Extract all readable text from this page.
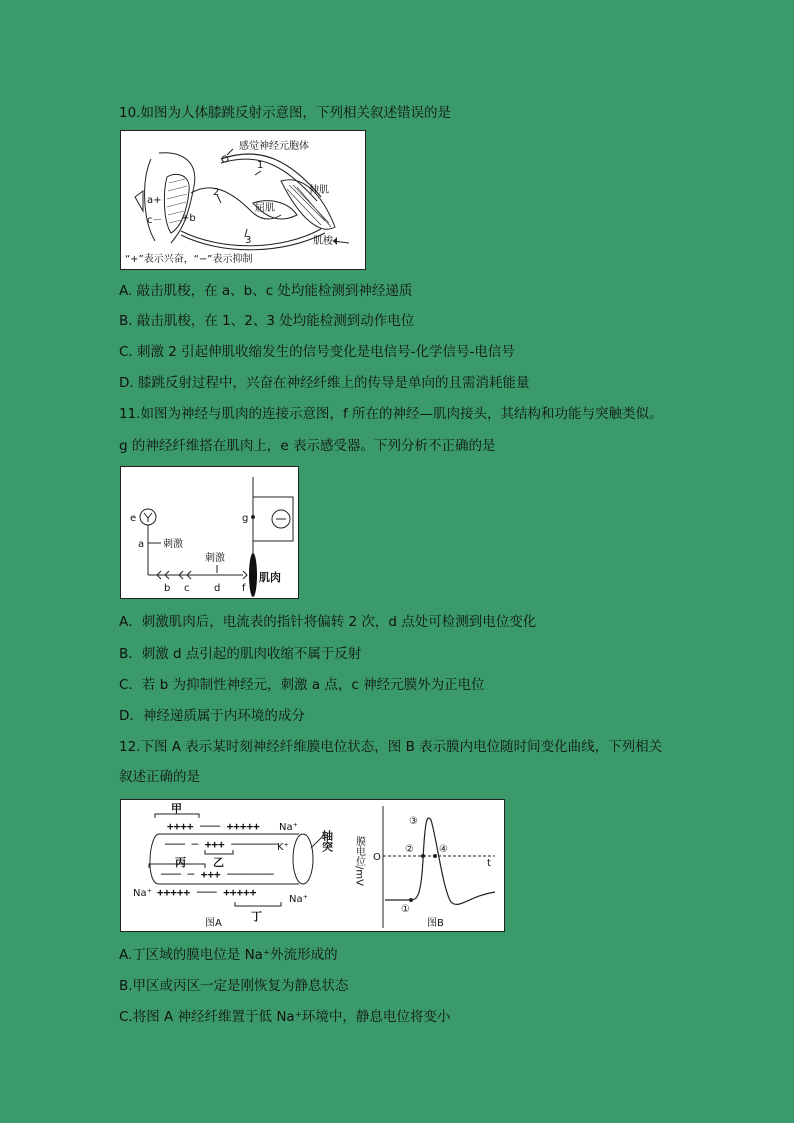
10.如图为人体膝跳反射示意图，下列相关叙述错误的是
感觉神经元胞体
1
2
3
伸肌
屈肌
肌梭
a+
c－ +b
“+”表示兴奋，“−”表示抑制
A. 敲击肌梭，在 a、b、c 处均能检测到神经递质
B. 敲击肌梭，在 1、2、3 处均能检测到动作电位
C. 刺激 2 引起伸肌收缩发生的信号变化是电信号-化学信号-电信号
D. 膝跳反射过程中，兴奋在神经纤维上的传导是单向的且需消耗能量
11.如图为神经与肌肉的连接示意图，f 所在的神经—肌肉接头，其结构和功能与突触类似。
g 的神经纤维搭在肌肉上，e 表示感受器。下列分析不正确的是
e
a 刺激
刺激
b c d f
g
肌肉
A．刺激肌肉后，电流表的指针将偏转 2 次，d 点处可检测到电位变化
B．刺激 d 点引起的肌肉收缩不属于反射
C．若 b 为抑制性神经元，刺激 a 点，c 神经元膜外为正电位
D．神经递质属于内环境的成分
12.下图 A 表示某时刻神经纤维膜电位状态，图 B 表示膜内电位随时间变化曲线，下列相关
叙述正确的是
++++ ─── +++++
─── ─ +++ ───────
─── ─ +++ ───────
+++++ ─── +++++
甲
乙
丙
丁
Na⁺
K⁺
Na⁺
Na⁺
轴突
图A
膜电位/mV O
t
①
②
③
④
图B
A.丁区域的膜电位是 Na⁺外流形成的
B.甲区或丙区一定是刚恢复为静息状态
C.将图 A 神经纤维置于低 Na⁺环境中，静息电位将变小
